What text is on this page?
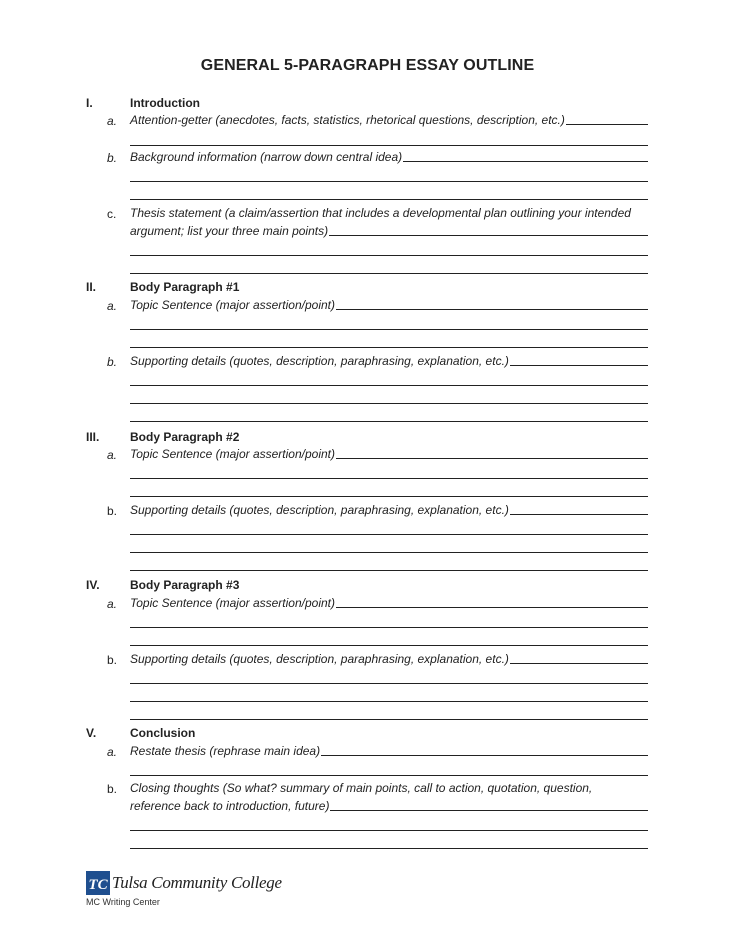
GENERAL 5-PARAGRAPH ESSAY OUTLINE
I.	Introduction
a. Attention-getter (anecdotes, facts, statistics, rhetorical questions, description, etc.)
b. Background information (narrow down central idea)
c. Thesis statement (a claim/assertion that includes a developmental plan outlining your intended
argument; list your three main points)
II.	Body Paragraph #1
a. Topic Sentence (major assertion/point)
b. Supporting details (quotes, description, paraphrasing, explanation, etc.)
III.	Body Paragraph #2
a. Topic Sentence (major assertion/point)
b. Supporting details (quotes, description, paraphrasing, explanation, etc.)
IV.	Body Paragraph #3
a. Topic Sentence (major assertion/point)
b. Supporting details (quotes, description, paraphrasing, explanation, etc.)
V.	Conclusion
a. Restate thesis (rephrase main idea)
b. Closing thoughts (So what? summary of main points, call to action, quotation, question,
reference back to introduction, future)
TC Tulsa Community College
MC Writing Center
